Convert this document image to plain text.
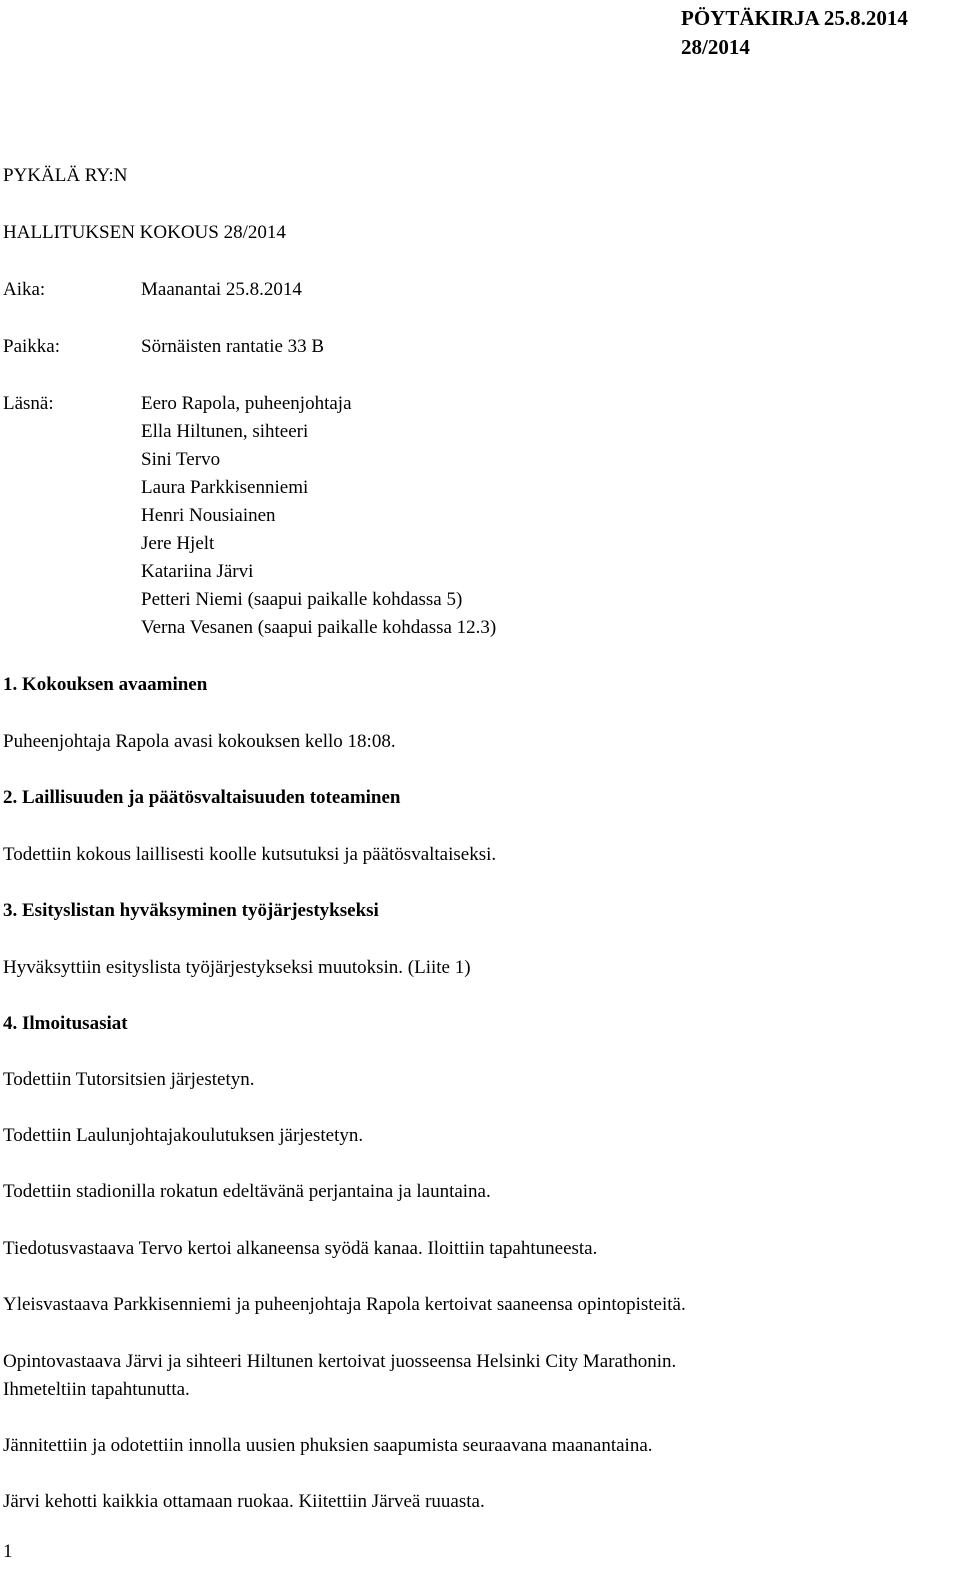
PÖYTÄKIRJA 25.8.2014
28/2014
PYKÄLÄ RY:N
HALLITUKSEN KOKOUS 28/2014
Aika:	Maanantai 25.8.2014
Paikka:	Sörnäisten rantatie 33 B
Läsnä:	Eero Rapola, puheenjohtaja
Ella Hiltunen, sihteeri
Sini Tervo
Laura Parkkisenniemi
Henri Nousiainen
Jere Hjelt
Katariina Järvi
Petteri Niemi (saapui paikalle kohdassa 5)
Verna Vesanen (saapui paikalle kohdassa 12.3)
1. Kokouksen avaaminen
Puheenjohtaja Rapola avasi kokouksen kello 18:08.
2. Laillisuuden ja päätösvaltaisuuden toteaminen
Todettiin kokous laillisesti koolle kutsutuksi ja päätösvaltaiseksi.
3. Esityslistan hyväksyminen työjärjestykseksi
Hyväksyttiin esityslista työjärjestykseksi muutoksin. (Liite 1)
4. Ilmoitusasiat
Todettiin Tutorsitsien järjestetyn.
Todettiin Laulunjohtajakoulutuksen järjestetyn.
Todettiin stadionilla rokatun edeltävänä perjantaina ja launtaina.
Tiedotusvastaava Tervo kertoi alkaneensa syödä kanaa. Iloittiin tapahtuneesta.
Yleisvastaava Parkkisenniemi ja puheenjohtaja Rapola kertoivat saaneensa opintopisteitä.
Opintovastaava Järvi ja sihteeri Hiltunen kertoivat juosseensa Helsinki City Marathonin.
Ihmeteltiin tapahtunutta.
Jännitettiin ja odotettiin innolla uusien phuksien saapumista seuraavana maanantaina.
Järvi kehotti kaikkia ottamaan ruokaa. Kiitettiin Järveä ruuasta.
1
